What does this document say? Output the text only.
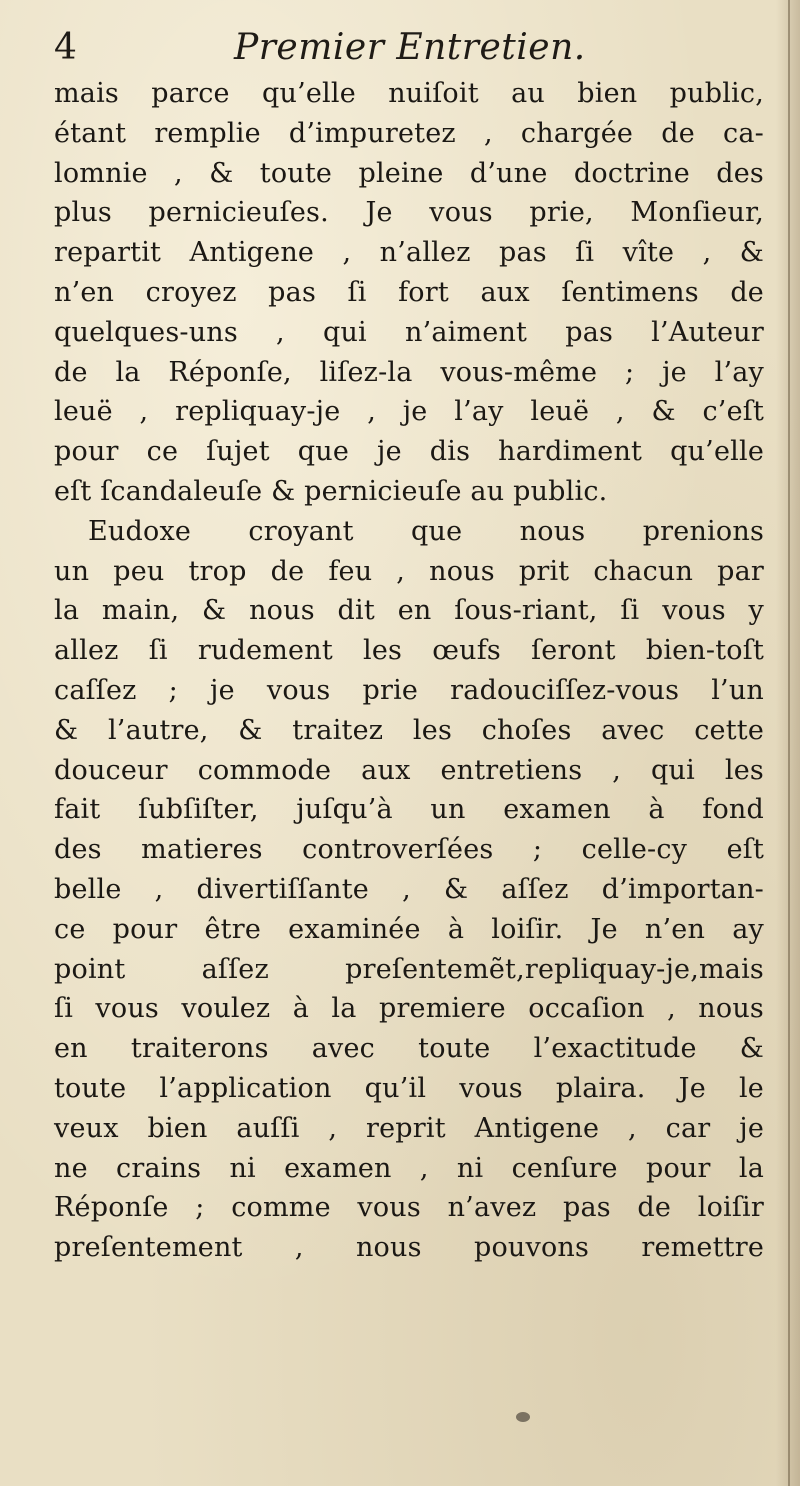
4	Premier Entretien.
mais parce qu’elle nuiſoit au bien public,
étant remplie d’impuretez , chargée de ca-
lomnie , & toute pleine d’une doctrine des
plus pernicieuſes. Je vous prie, Monſieur,
repartit Antigene , n’allez pas ſi vîte , &
n’en croyez pas ſi fort aux ſentimens de
quelques-uns , qui n’aiment pas l’Auteur
de la Réponſe, liſez-la vous-même ; je l’ay
leuë , repliquay-je , je l’ay leuë , & c’eſt
pour ce ſujet que je dis hardiment qu’elle
eſt ſcandaleuſe & pernicieuſe au public.
Eudoxe croyant que nous prenions
un peu trop de feu , nous prit chacun par
la main, & nous dit en ſous-riant, ſi vous y
allez ſi rudement les œufs ſeront bien-toſt
caſſez ; je vous prie radouciſſez-vous l’un
& l’autre, & traitez les choſes avec cette
douceur commode aux entretiens , qui les
fait ſubſiſter, juſqu’à un examen à fond
des matieres controverſées ; celle-cy eſt
belle , divertiſſante , & aſſez d’importan-
ce pour être examinée à loiſir. Je n’en ay
point aſſez preſentemẽt,repliquay-je,mais
ſi vous voulez à la premiere occaſion , nous
en traiterons avec toute l’exactitude &
toute l’application qu’il vous plaira. Je le
veux bien auſſi , reprit Antigene , car je
ne crains ni examen , ni cenſure pour la
Réponſe ; comme vous n’avez pas de loiſir
preſentement , nous pouvons remettre
